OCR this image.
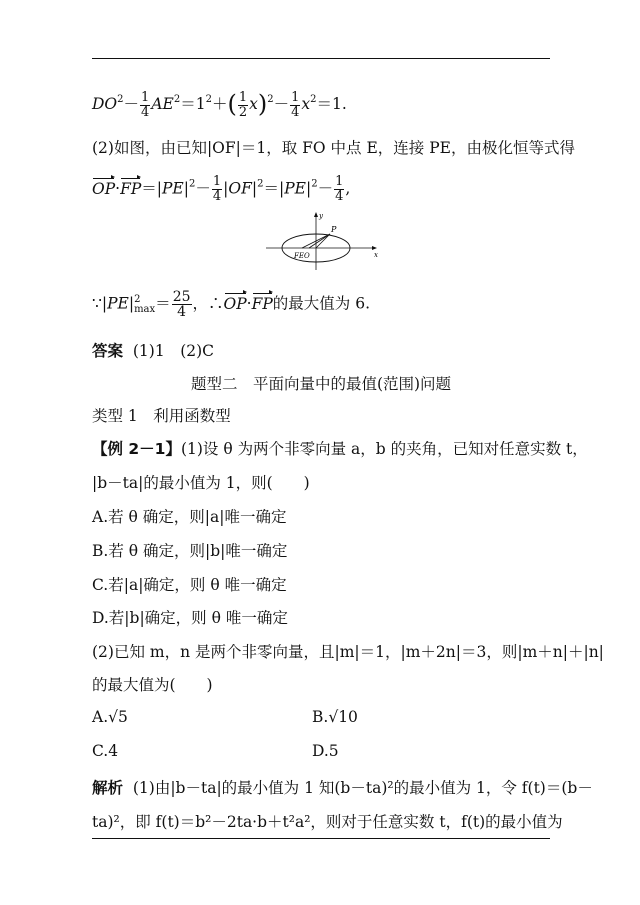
$DO^2- \frac{1}{4} AE^2=1^2+( \frac{1}{2} x)^2- \frac{1}{4} x^2=1$.
(2)如图，由已知|OF|＝1，取 FO 中点 E，连接 PE，由极化恒等式得
$OP\cdot FP=|PE|^2- \frac{1}{4} |OF|^2=|PE|^2- \frac{1}{4}$ ,
P
FEO	x
y
∵|PE| 2
$\max = \frac{25}{4}$ ，∴OP·FP的最大值为 6.
答案 (1)1　(2)C
题型二　平面向量中的最值(范围)问题
类型 1　利用函数型
【例 2－1】(1)设 θ 为两个非零向量 a，b 的夹角，已知对任意实数 t，
|b－ta|的最小值为 1，则(　　)
A.若 θ 确定，则|a|唯一确定
B.若 θ 确定，则|b|唯一确定
C.若|a|确定，则 θ 唯一确定
D.若|b|确定，则 θ 唯一确定
(2)已知 m，n 是两个非零向量，且|m|＝1，|m＋2n|＝3，则|m＋n|＋|n|
的最大值为(　　)
A.√5	B.√10
C.4	D.5
解析 (1)由|b－ta|的最小值为 1 知(b－ta)²的最小值为 1，令 f(t)＝(b－
ta)²，即 f(t)＝b²－2ta·b＋t²a²，则对于任意实数 t，f(t)的最小值为
